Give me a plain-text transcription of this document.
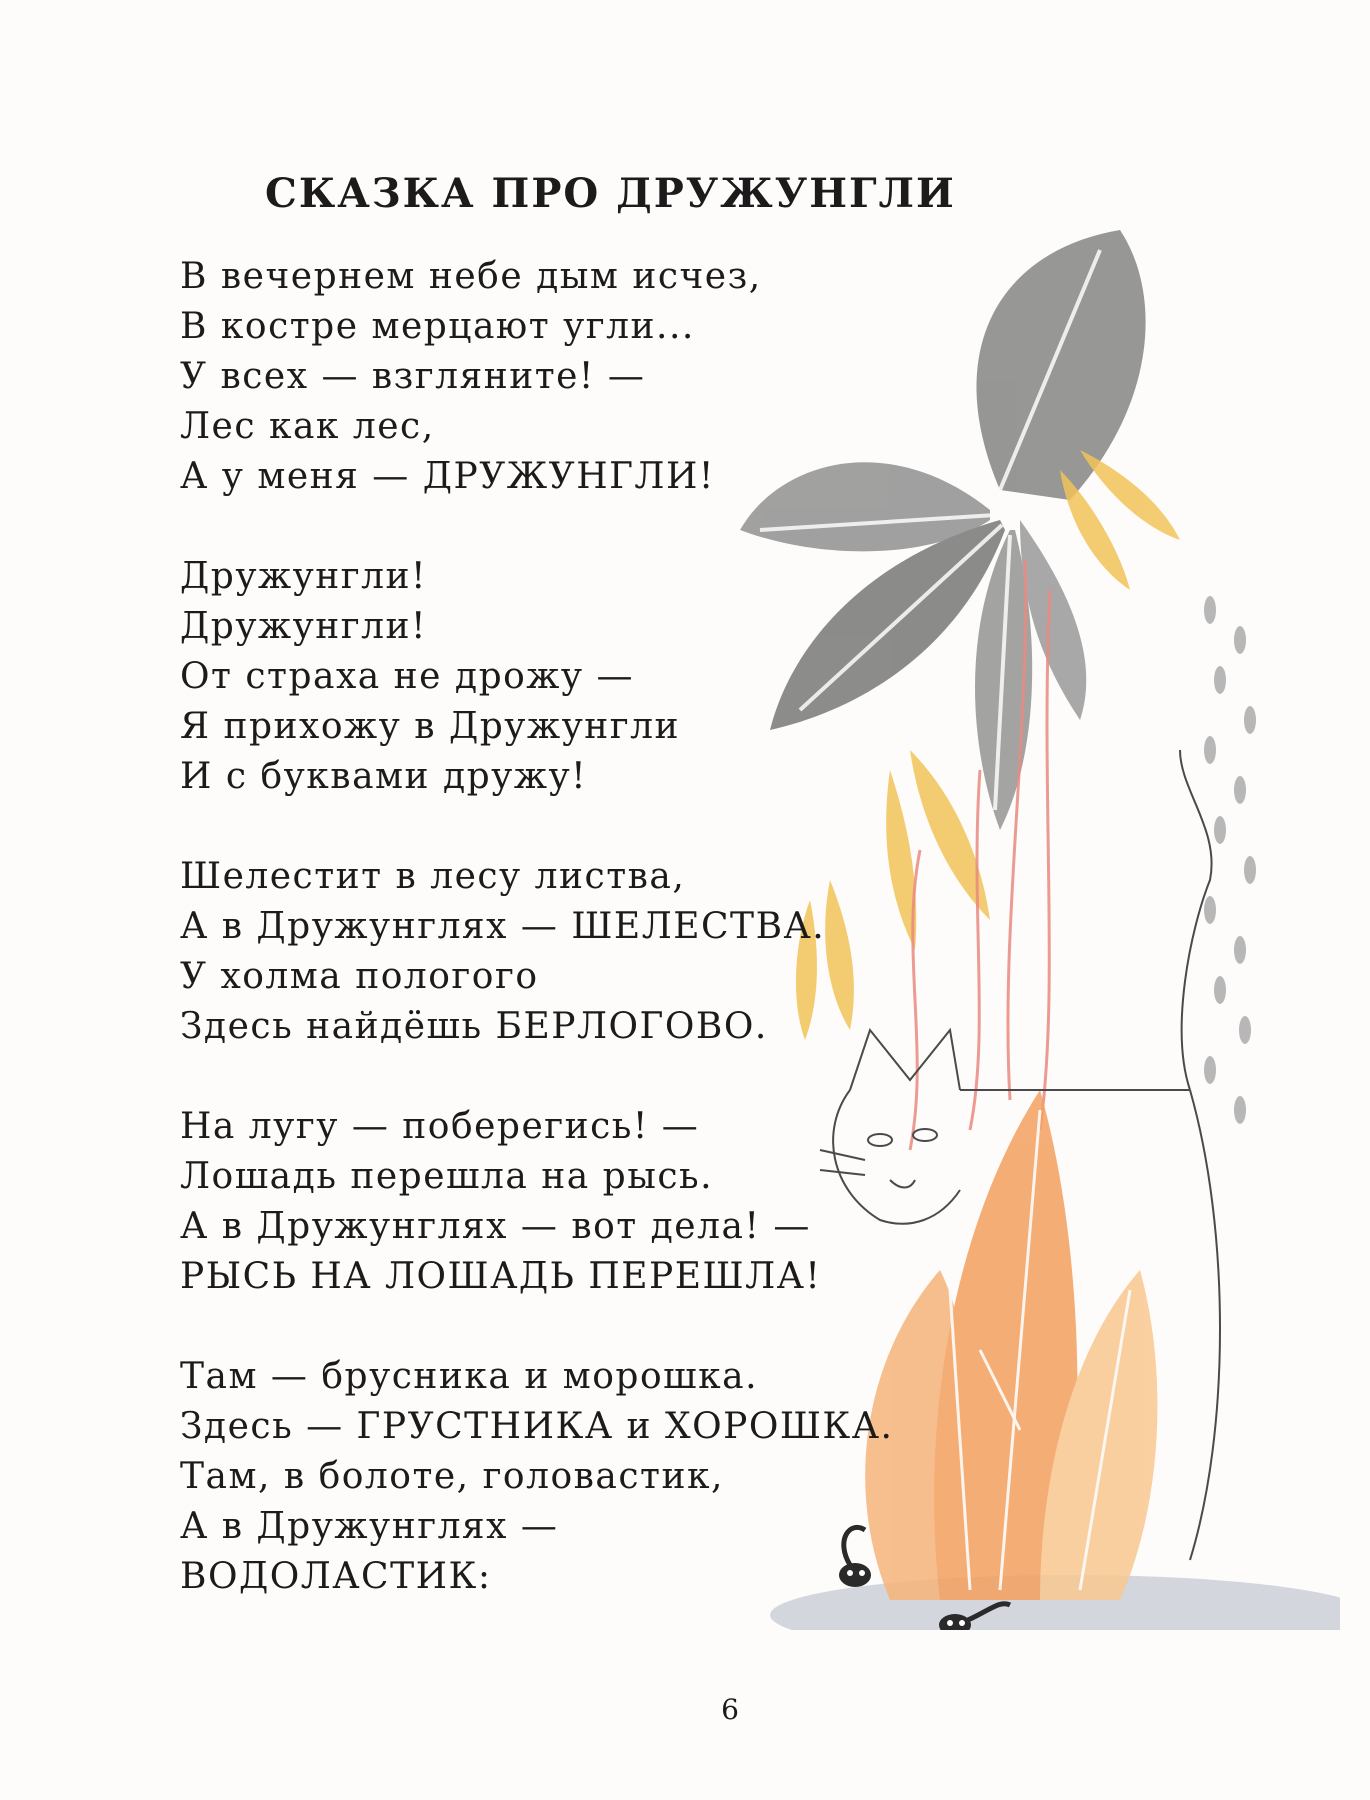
СКАЗКА ПРО ДРУЖУНГЛИ
В вечернем небе дым исчез,
В костре мерцают угли...
У всех — взгляните! —
Лес как лес,
А у меня — ДРУЖУНГЛИ!
Дружунгли!
Дружунгли!
От страха не дрожу —
Я прихожу в Дружунгли
И с буквами дружу!
Шелестит в лесу листва,
А в Дружунглях — ШЕЛЕСТВА.
У холма пологого
Здесь найдёшь БЕРЛОГОВО.
На лугу — поберегись! —
Лошадь перешла на рысь.
А в Дружунглях — вот дела! —
РЫСЬ НА ЛОШАДЬ ПЕРЕШЛА!
Там — брусника и морошка.
Здесь — ГРУСТНИКА и ХОРОШКА.
Там, в болоте, головастик,
А в Дружунглях —
ВОДОЛАСТИК:
6
